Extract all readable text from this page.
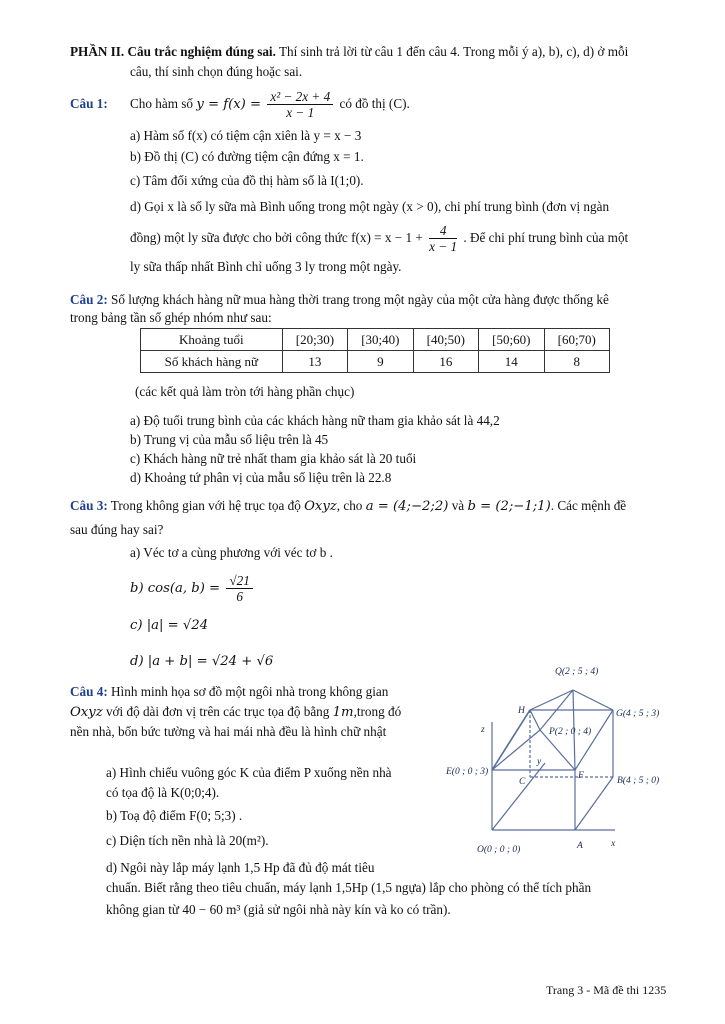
PHẦN II. Câu trắc nghiệm đúng sai. Thí sinh trả lời từ câu 1 đến câu 4. Trong mỗi ý a), b), c), d) ở mỗi
câu, thí sinh chọn đúng hoặc sai.
Câu 1: Cho hàm số $y = f(x) = \frac{\text{x² − 2x + 4}}{x - 1}$ có đồ thị (C).
a) Hàm số f(x) có tiệm cận xiên là y = x − 3
b) Đồ thị (C) có đường tiệm cận đứng x = 1.
c) Tâm đối xứng của đồ thị hàm số là I(1;0).
d) Gọi x là số ly sữa mà Bình uống trong một ngày (x > 0), chi phí trung bình (đơn vị ngàn
đồng) một ly sữa được cho bởi công thức $f(x) = x - 1 + \frac{4}{x - 1}$ . Để chi phí trung bình của một
ly sữa thấp nhất Bình chỉ uống 3 ly trong một ngày.
Câu 2: Số lượng khách hàng nữ mua hàng thời trang trong một ngày của một cửa hàng được thống kê
trong bảng tần số ghép nhóm như sau:
Khoảng tuổi	[20;30)	[30;40)	[40;50)	[50;60)	[60;70)
Số khách hàng nữ	13	9	16	14	8
(các kết quả làm tròn tới hàng phần chục)
a) Độ tuổi trung bình của các khách hàng nữ tham gia khảo sát là 44,2
b) Trung vị của mẫu số liệu trên là 45
c) Khách hàng nữ trẻ nhất tham gia khảo sát là 20 tuổi
d) Khoảng tứ phân vị của mẫu số liệu trên là 22.8
Câu 3: Trong không gian với hệ trục tọa độ Oxyz, cho a = (4;−2;2) và b = (2;−1;1). Các mệnh đề
sau đúng hay sai?
a) Véc tơ a cùng phương với véc tơ b .
b) cos(a, $b) = \frac{√21}{6}$
c) |a| = √24
d) |a + b| = √24 + √6
Câu 4: Hình minh họa sơ đồ một ngôi nhà trong không gian
Oxyz với độ dài đơn vị trên các trục tọa độ bằng 1m,trong đó
nền nhà, bốn bức tường và hai mái nhà đều là hình chữ nhật
a) Hình chiếu vuông góc K của điểm P xuống nền nhà
có tọa độ là K(0;0;4).
b) Toạ độ điểm F(0; 5;3) .
c) Diện tích nền nhà là 20(m²).
d) Ngôi này lắp máy lạnh 1,5 Hp đã đủ độ mát tiêu
chuẩn. Biết rằng theo tiêu chuẩn, máy lạnh 1,5Hp (1,5 ngựa) lắp cho phòng có thể tích phần
không gian từ 40 − 60 m³ (giả sử ngôi nhà này kín và ko có trần).
Q(2 ; 5 ; 4)
H	G(4 ; 5 ; 3)
P(2 ; 0 ; 4)
E(0 ; 0 ; 3)	F	B(4 ; 5 ; 0)
C
O(0 ; 0 ; 0)	A
z
y
x
Trang 3 - Mã đề thi 1235
